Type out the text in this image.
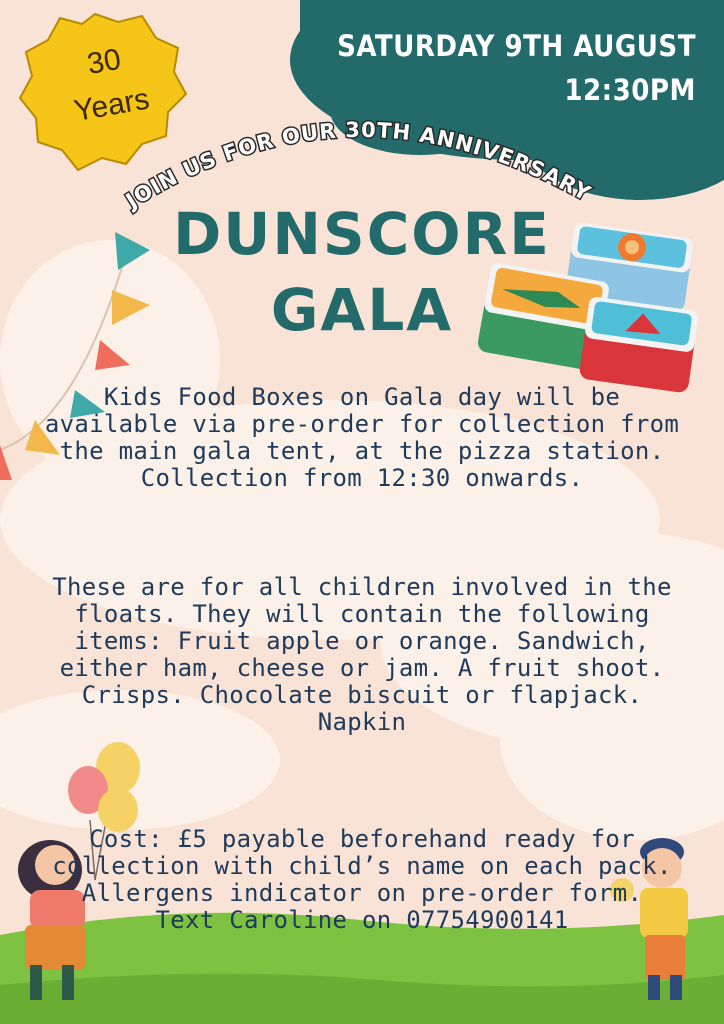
30
Years
SATURDAY 9TH AUGUST
12:30PM
JOIN US FOR OUR 30TH ANNIVERSARY
DUNSCORE
GALA

Kids Food Boxes on Gala day will be available via pre-order for collection from the main gala tent, at the pizza station. Collection from 12:30 onwards.

These are for all children involved in the floats. They will contain the following items: Fruit apple or orange. Sandwich, either ham, cheese or jam. A fruit shoot. Crisps. Chocolate biscuit or flapjack. Napkin

Cost: £5 payable beforehand ready for collection with child’s name on each pack. Allergens indicator on pre-order form.

Text Caroline on 07754900141
